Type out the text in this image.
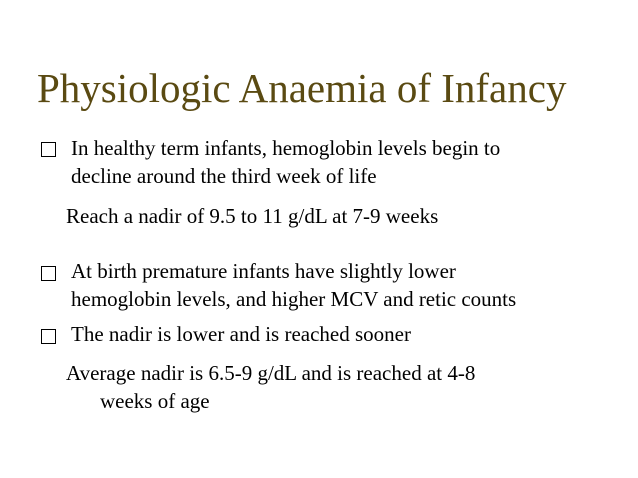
Physiologic Anaemia of Infancy

In healthy term infants, hemoglobin levels begin to

decline around the third week of life

Reach a nadir of 9.5 to 11 g/dL at 7-9 weeks

At birth premature infants have slightly lower

hemoglobin levels, and higher MCV and retic counts

The nadir is lower and is reached sooner

Average nadir is 6.5-9 g/dL and is reached at 4-8

weeks of age
